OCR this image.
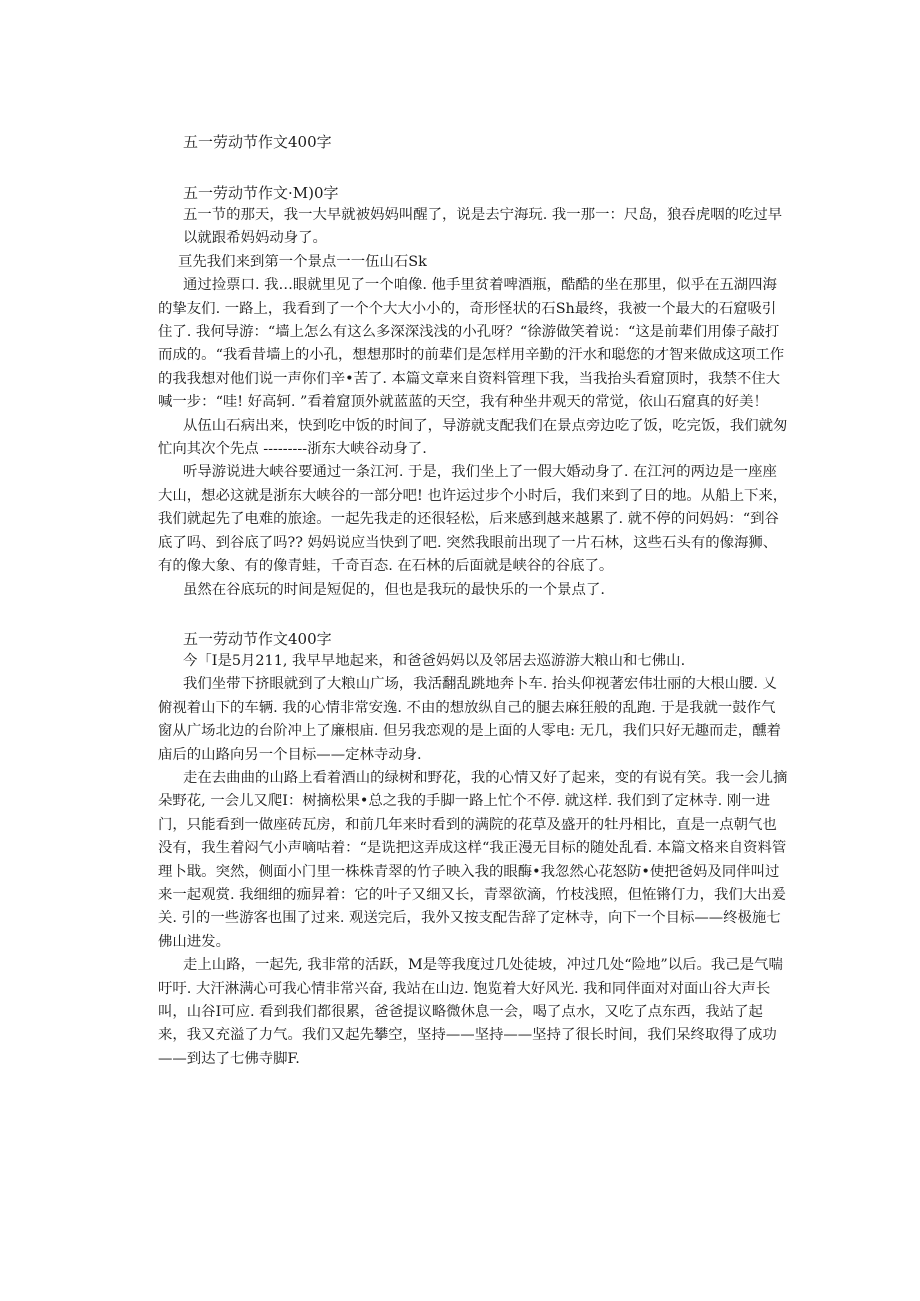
五一劳动节作文400字

五一劳动节作文·M)0字

五一节的那天，我一大早就被妈妈叫醒了，说是去宁海玩. 我一那一：尺岛，狼吞虎咽的吃过早以就跟希妈妈动身了。

亘先我们来到第一个景点一一伍山石Sk

通过捡票口. 我…眼就里见了一个咱像. 他手里贫着啤酒瓶，酷酷的坐在那里，似乎在五湖四海的挚友们. 一路上，我看到了一个个大大小小的，奇形怪状的石Sh最终，我被一个最大的石窟吸引住了. 我何导游：“墙上怎么有这么多深深浅浅的小孔呀？“徐游做笑着说：“这是前辈们用傣子敲打而成的。“我看昔墙上的小孔，想想那时的前辈们是怎样用辛勤的汗水和聪您的才智来做成这项工作的我我想对他们说一声你们辛•苦了. 本篇文章来自资料管理下我，当我抬头看窟顶时，我禁不住大喊一步：“哇! 好高轲. ”看着窟顶外就蓝蓝的天空，我有种坐井观天的常觉，依山石窟真的好美！

从伍山石病出来，快到吃中饭的时间了，导游就支配我们在景点旁边吃了饭，吃完饭，我们就匆忙向其次个先点 ---------浙东大峡谷动身了.

听导游说进大峡谷要通过一条江河. 于是，我们坐上了一假大婚动身了. 在江河的两边是一座座大山，想必这就是浙东大峡谷的一部分吧! 也许运过步个小时后，我们来到了日的地。从船上下来，我们就起先了电难的旅途。一起先我走的还很轻松，后来感到越来越累了. 就不停的问妈妈：“到谷底了吗、到谷底了吗?? 妈妈说应当快到了吧. 突然我眼前出现了一片石林，这些石头有的像海狮、有的像大象、有的像青蛙，千奇百态. 在石林的后面就是峡谷的谷底了。

虽然在谷底玩的时间是短促的，但也是我玩的最快乐的一个景点了.

五一劳动节作文400字

今「I是5月211, 我早早地起来，和爸爸妈妈以及邻居去巡游游大粮山和七佛山.

我们坐带下挤眼就到了大粮山广场，我活翻乱跳地奔卜车. 抬头仰视著宏伟壮丽的大根山腰. 乂俯视着山下的车辆. 我的心情非常安逸. 不由的想放纵自己的腿去麻狂般的乱跑. 于是我就一鼓作气窗从广场北边的台阶冲上了廉根庙. 但另我恋观的是上面的人零电: 无几，我们只好无趣而走，醺着庙后的山路向另一个目标——定林寺动身.

走在去曲曲的山路上看着酒山的绿树和野花，我的心情又好了起来，变的有说有笑。我一会儿摘朵野花, 一会儿又爬I：树摘松果•总之我的手脚一路上忙个不停. 就这样. 我们到了定林寺. 刚一进门，只能看到一做座砖瓦房，和前几年来时看到的满院的花草及盛开的牡丹相比，直是一点朝气也没有，我生着闷气小声嘀咕着：“是诜把这弄成这样“我正漫无目标的随处乱看. 本篇文格来自资料管理卜戢。突然，侧面小门里一株株青翠的竹子映入我的眼酶•我忽然心花怒防•使把爸妈及同伴叫过来一起观赏. 我细细的痂昇着：它的叶子又细又长，青翠欲滴，竹枝浅照，但恠锵仃力，我们大出爰关. 引的一些游客也围了过来. 观送完后，我外又按支配告辞了定林寺，向下一个目标——终极施七佛山进发。

走上山路，一起先, 我非常的活跃，M是等我度过几处徒坡，冲过几处“险地”以后。我己是气喘吁吁. 大汗淋满心可我心情非常兴奋, 我站在山边. 饱览着大好风光. 我和同伴面对对面山谷大声长叫，山谷I可应. 看到我们都很累，爸爸提议略微休息一会，喝了点水，又吃了点东西，我站了起来，我又充溢了力气。我们又起先攀空，坚持——坚持——坚持了很长时间，我们呆终取得了成功——到达了七佛寺脚F.
